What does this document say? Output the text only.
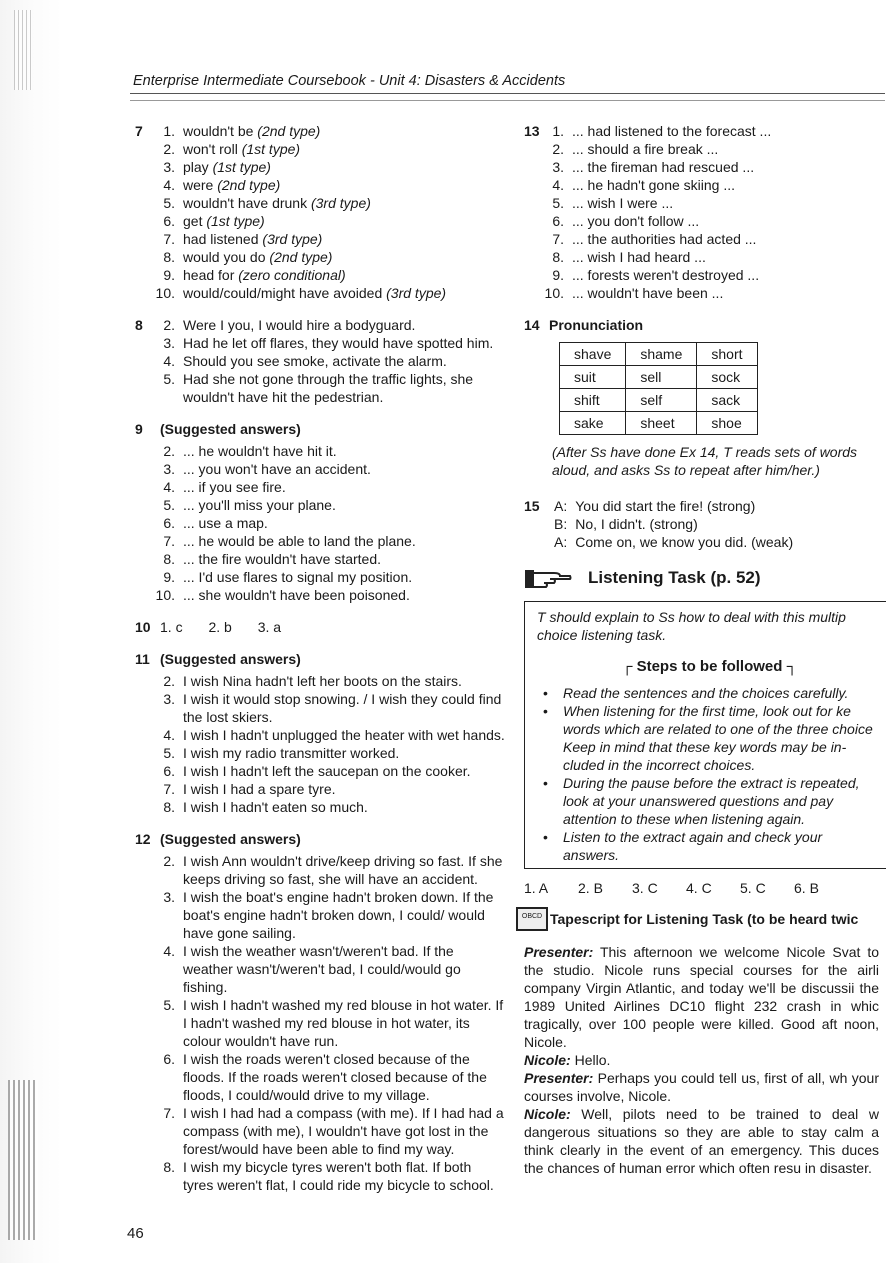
Enterprise Intermediate Coursebook - Unit 4: Disasters & Accidents
7	1. wouldn't be (2nd type)
2. won't roll (1st type)
3. play (1st type)
4. were (2nd type)
5. wouldn't have drunk (3rd type)
6. get (1st type)
7. had listened (3rd type)
8. would you do (2nd type)
9. head for (zero conditional)
10. would/could/might have avoided (3rd type)
8	2. Were I you, I would hire a bodyguard.
3. Had he let off flares, they would have spotted him.
4. Should you see smoke, activate the alarm.
5. Had she not gone through the traffic lights, she wouldn't have hit the pedestrian.
9	(Suggested answers)
2. ... he wouldn't have hit it.
3. ... you won't have an accident.
4. ... if you see fire.
5. ... you'll miss your plane.
6. ... use a map.
7. ... he would be able to land the plane.
8. ... the fire wouldn't have started.
9. ... I'd use flares to signal my position.
10. ... she wouldn't have been poisoned.
10 1. c 2. b 3. a
11 (Suggested answers)
2. I wish Nina hadn't left her boots on the stairs.
3. I wish it would stop snowing. / I wish they could find the lost skiers.
4. I wish I hadn't unplugged the heater with wet hands.
5. I wish my radio transmitter worked.
6. I wish I hadn't left the saucepan on the cooker.
7. I wish I had a spare tyre.
8. I wish I hadn't eaten so much.
12 (Suggested answers)
2. I wish Ann wouldn't drive/keep driving so fast. If she keeps driving so fast, she will have an accident.
3. I wish the boat's engine hadn't broken down. If the boat's engine hadn't broken down, I could/ would have gone sailing.
4. I wish the weather wasn't/weren't bad. If the weather wasn't/weren't bad, I could/would go fishing.
5. I wish I hadn't washed my red blouse in hot water. If I hadn't washed my red blouse in hot water, its colour wouldn't have run.
6. I wish the roads weren't closed because of the floods. If the roads weren't closed because of the floods, I could/would drive to my village.
7. I wish I had had a compass (with me). If I had had a compass (with me), I wouldn't have got lost in the forest/would have been able to find my way.
8. I wish my bicycle tyres weren't both flat. If both tyres weren't flat, I could ride my bicycle to school.
13 1. ... had listened to the forecast ...
2. ... should a fire break ...
3. ... the fireman had rescued ...
4. ... he hadn't gone skiing ...
5. ... wish I were ...
6. ... you don't follow ...
7. ... the authorities had acted ...
8. ... wish I had heard ...
9. ... forests weren't destroyed ...
10. ... wouldn't have been ...
14 Pronunciation
shave	shame	short
suit	sell	sock
shift	self	sack
sake	sheet	shoe
(After Ss have done Ex 14, T reads sets of words aloud, and asks Ss to repeat after him/her.)
15	A: You did start the fire! (strong)
B: No, I didn't. (strong)
A: Come on, we know you did. (weak)
Listening Task (p. 52)
T should explain to Ss how to deal with this multip
choice listening task.
┌ Steps to be followed ┐
• Read the sentences and the choices carefully.
• When listening for the first time, look out for ke words which are related to one of the three choice Keep in mind that these key words may be in- cluded in the incorrect choices.
• During the pause before the extract is repeated, look at your unanswered questions and pay attention to these when listening again.
• Listen to the extract again and check your answers.
1. A	2. B	3. C	4. C	5. C	6. B
OBCD Tapescript for Listening Task (to be heard twic
Presenter: This afternoon we welcome Nicole Svat to the studio. Nicole runs special courses for the airli company Virgin Atlantic, and today we'll be discussii the 1989 United Airlines DC10 flight 232 crash in whic tragically, over 100 people were killed. Good aft noon, Nicole.
Nicole: Hello.
Presenter: Perhaps you could tell us, first of all, wh your courses involve, Nicole.
Nicole: Well, pilots need to be trained to deal w dangerous situations so they are able to stay calm a think clearly in the event of an emergency. This duces the chances of human error which often resu in disaster.
46
